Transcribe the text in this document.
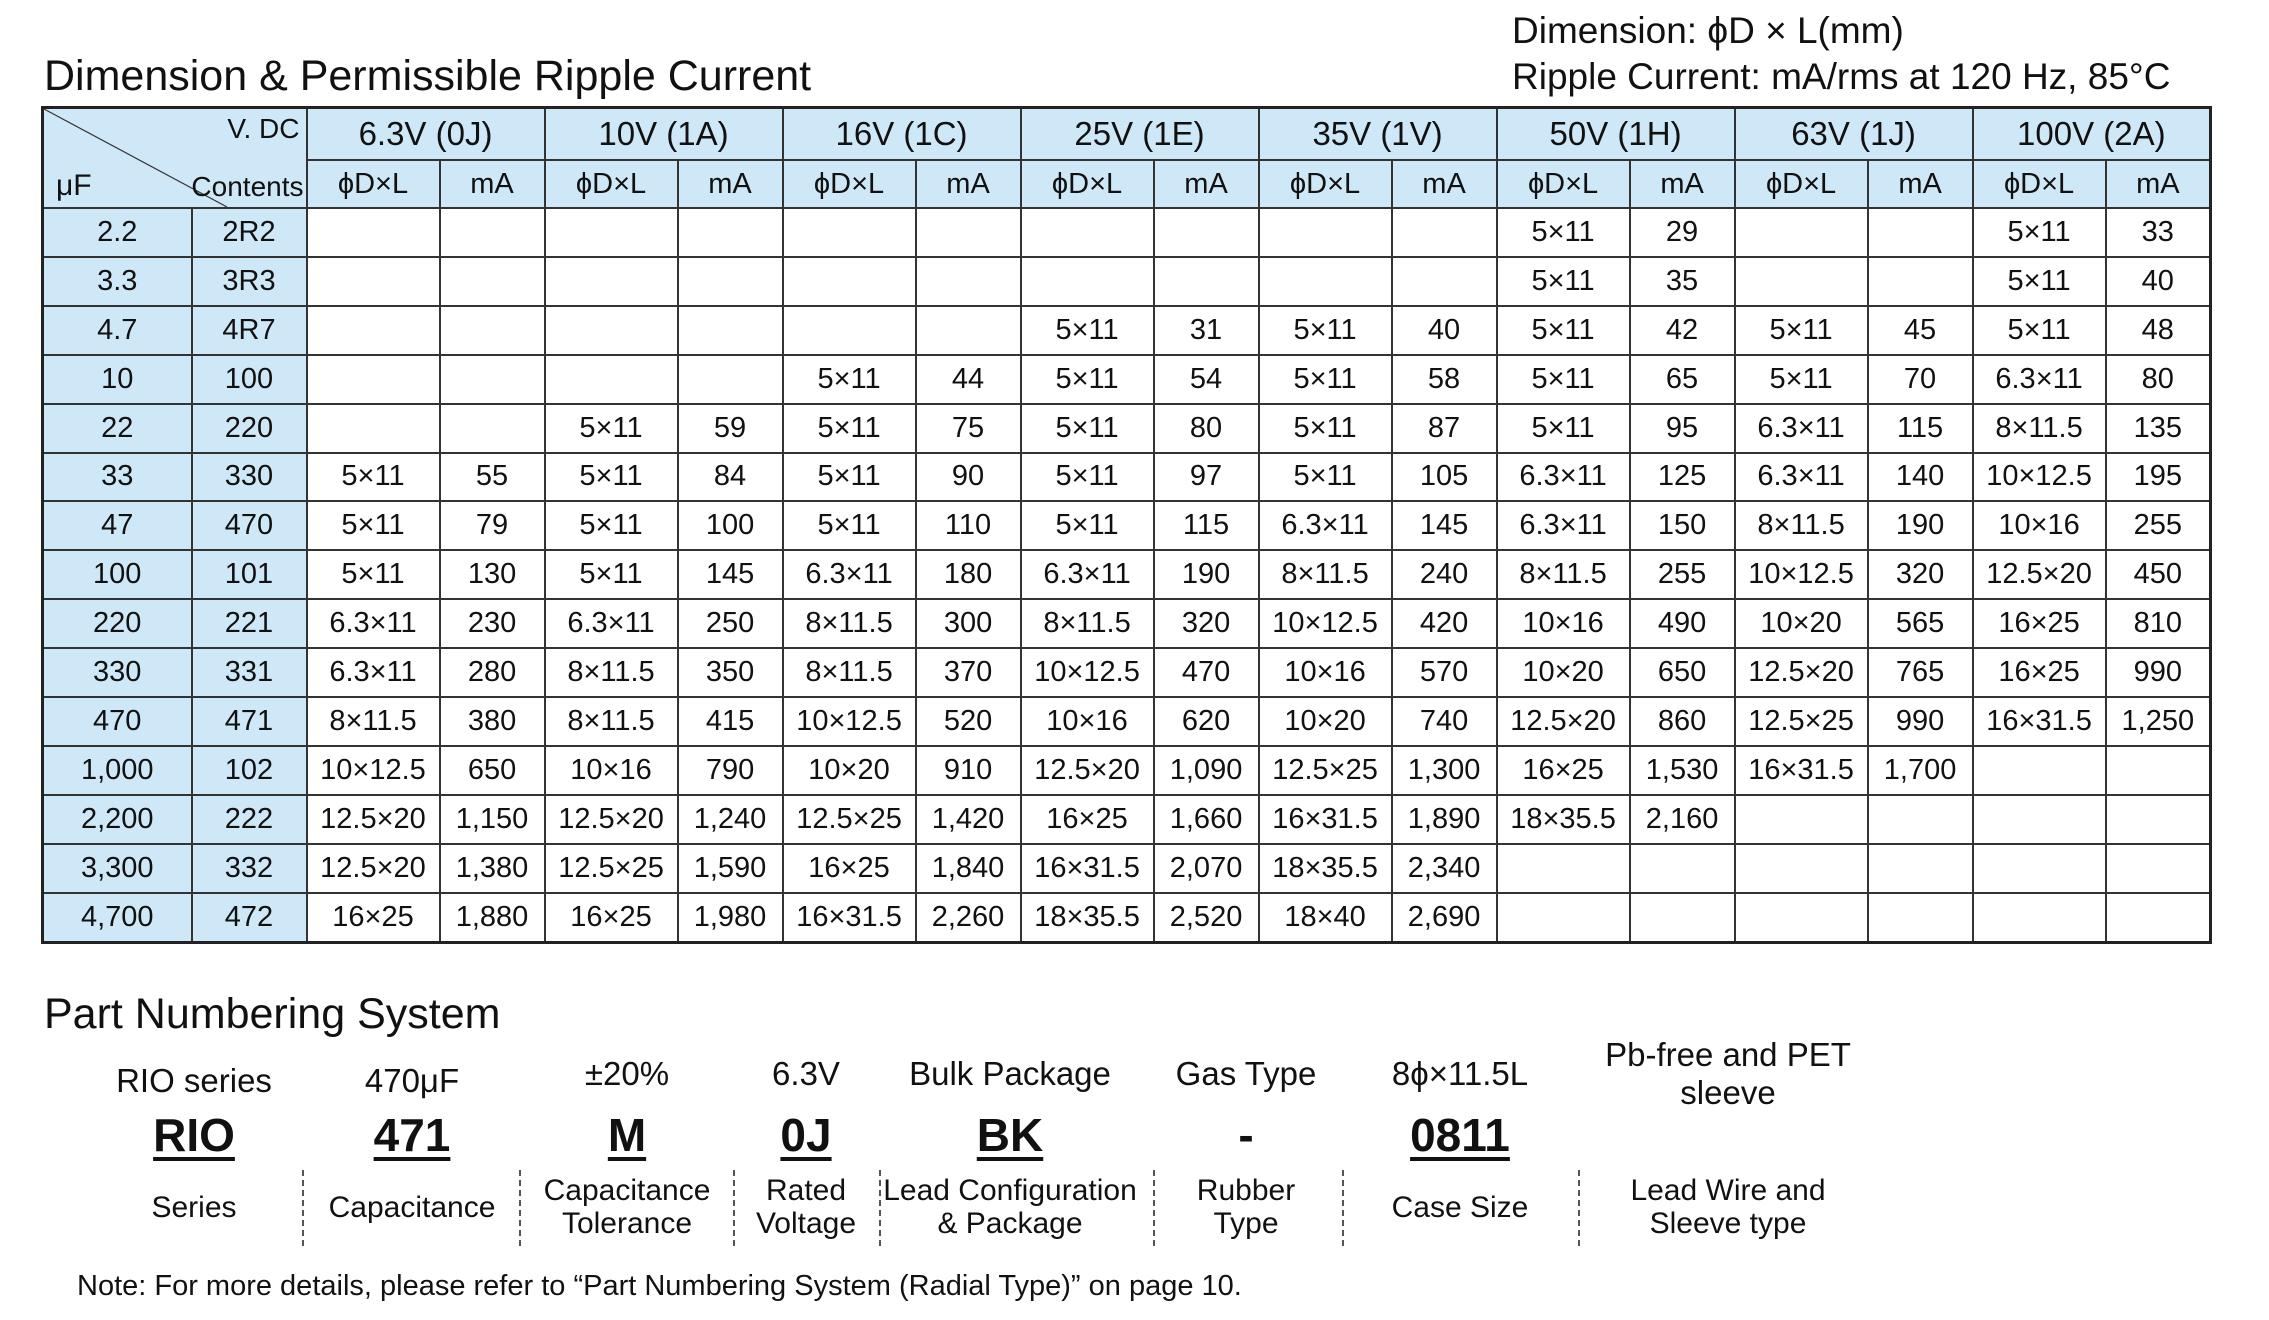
Dimension & Permissible Ripple Current
Dimension: ϕD × L(mm)
Ripple Current: mA/rms at 120 Hz, 85°C
V. DC
μF Contents		6.3V (0J)		10V (1A)		16V (1C)		25V (1E)		35V (1V)		50V (1H)		63V (1J)		100V (2A)	
		ϕD×L	mA	ϕD×L	mA	ϕD×L	mA	ϕD×L	mA	ϕD×L	mA	ϕD×L	mA	ϕD×L	mA	ϕD×L	mA
2.2	2R2											5×11	29			5×11	33
3.3	3R3											5×11	35			5×11	40
4.7	4R7							5×11	31	5×11	40	5×11	42	5×11	45	5×11	48
10	100					5×11	44	5×11	54	5×11	58	5×11	65	5×11	70	6.3×11	80
22	220			5×11	59	5×11	75	5×11	80	5×11	87	5×11	95	6.3×11	115	8×11.5	135
33	330	5×11	55	5×11	84	5×11	90	5×11	97	5×11	105	6.3×11	125	6.3×11	140	10×12.5	195
47	470	5×11	79	5×11	100	5×11	110	5×11	115	6.3×11	145	6.3×11	150	8×11.5	190	10×16	255
100	101	5×11	130	5×11	145	6.3×11	180	6.3×11	190	8×11.5	240	8×11.5	255	10×12.5	320	12.5×20	450
220	221	6.3×11	230	6.3×11	250	8×11.5	300	8×11.5	320	10×12.5	420	10×16	490	10×20	565	16×25	810
330	331	6.3×11	280	8×11.5	350	8×11.5	370	10×12.5	470	10×16	570	10×20	650	12.5×20	765	16×25	990
470	471	8×11.5	380	8×11.5	415	10×12.5	520	10×16	620	10×20	740	12.5×20	860	12.5×25	990	16×31.5	1,250
1,000	102	10×12.5	650	10×16	790	10×20	910	12.5×20	1,090	12.5×25	1,300	16×25	1,530	16×31.5	1,700		
2,200	222	12.5×20	1,150	12.5×20	1,240	12.5×25	1,420	16×25	1,660	16×31.5	1,890	18×35.5	2,160				
3,300	332	12.5×20	1,380	12.5×25	1,590	16×25	1,840	16×31.5	2,070	18×35.5	2,340						
4,700	472	16×25	1,880	16×25	1,980	16×31.5	2,260	18×35.5	2,520	18×40	2,690						
Part Numbering System
RIO series
RIO
Series
470μF
471
Capacitance
±20%
M
Capacitance
Tolerance
6.3V
0J
Rated
Voltage
Bulk Package
BK
Lead Configuration
& Package
Gas Type
-
Rubber
Type
8ϕ×11.5L
0811
Case Size
Pb-free and PET
sleeve
Lead Wire and
Sleeve type
Note: For more details, please refer to “Part Numbering System (Radial Type)” on page 10.
